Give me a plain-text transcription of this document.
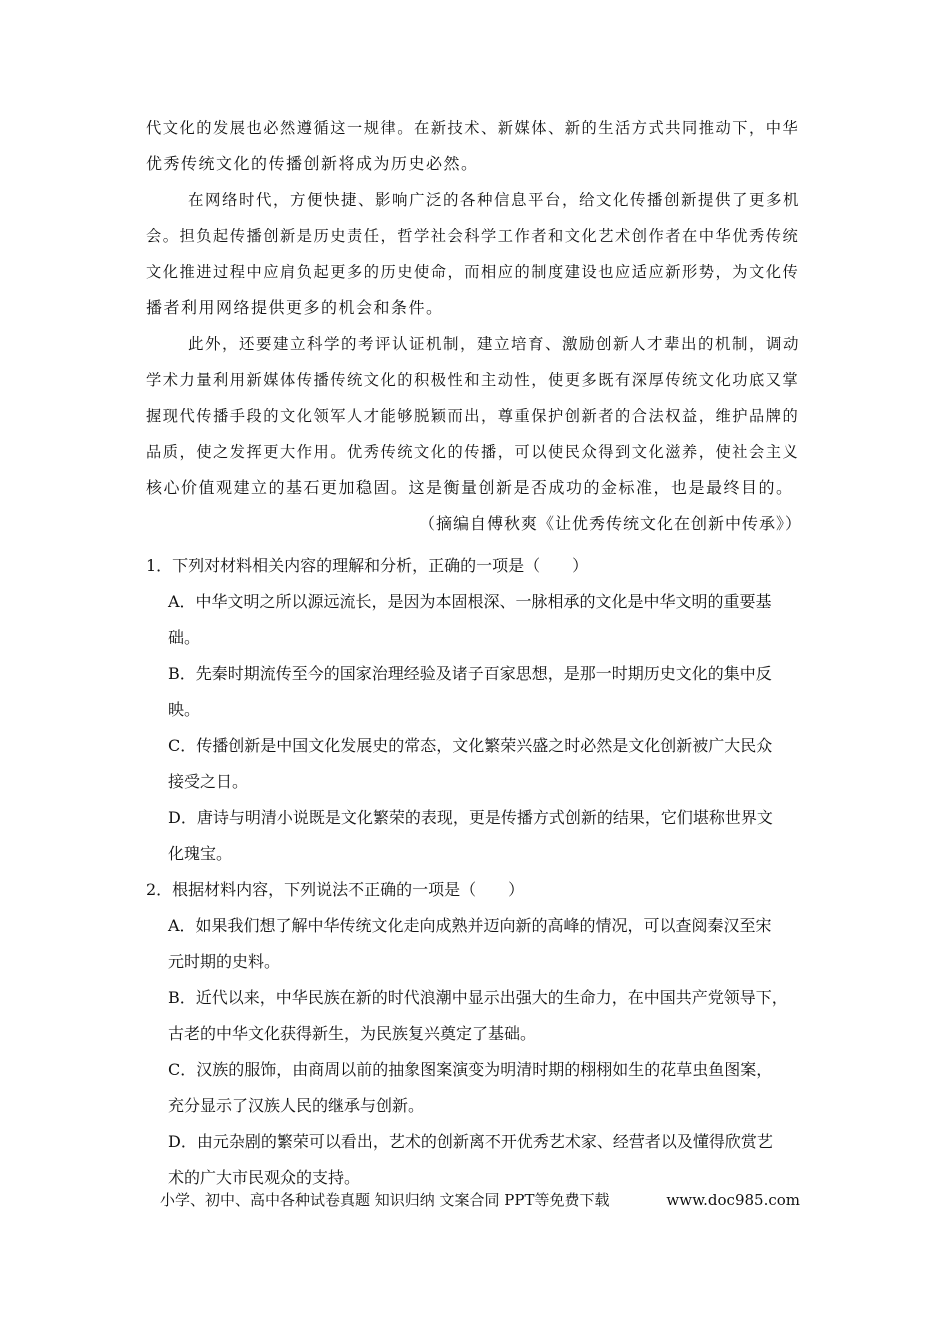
代文化的发展也必然遵循这一规律。在新技术、新媒体、新的生活方式共同推动下，中华
优秀传统文化的传播创新将成为历史必然。
在网络时代，方便快捷、影响广泛的各种信息平台，给文化传播创新提供了更多机
会。担负起传播创新是历史责任，哲学社会科学工作者和文化艺术创作者在中华优秀传统
文化推进过程中应肩负起更多的历史使命，而相应的制度建设也应适应新形势，为文化传
播者利用网络提供更多的机会和条件。
此外，还要建立科学的考评认证机制，建立培育、激励创新人才辈出的机制，调动
学术力量利用新媒体传播传统文化的积极性和主动性，使更多既有深厚传统文化功底又掌
握现代传播手段的文化领军人才能够脱颖而出，尊重保护创新者的合法权益，维护品牌的
品质，使之发挥更大作用。优秀传统文化的传播，可以使民众得到文化滋养，使社会主义
核心价值观建立的基石更加稳固。这是衡量创新是否成功的金标准，也是最终目的。
（摘编自傅秋爽《让优秀传统文化在创新中传承》）
1．下列对材料相关内容的理解和分析，正确的一项是（　　）
A．中华文明之所以源远流长，是因为本固根深、一脉相承的文化是中华文明的重要基
础。
B．先秦时期流传至今的国家治理经验及诸子百家思想，是那一时期历史文化的集中反
映。
C．传播创新是中国文化发展史的常态，文化繁荣兴盛之时必然是文化创新被广大民众
接受之日。
D．唐诗与明清小说既是文化繁荣的表现，更是传播方式创新的结果，它们堪称世界文
化瑰宝。
2．根据材料内容，下列说法不正确的一项是（　　）
A．如果我们想了解中华传统文化走向成熟并迈向新的高峰的情况，可以查阅秦汉至宋
元时期的史料。
B．近代以来，中华民族在新的时代浪潮中显示出强大的生命力，在中国共产党领导下，
古老的中华文化获得新生，为民族复兴奠定了基础。
C．汉族的服饰，由商周以前的抽象图案演变为明清时期的栩栩如生的花草虫鱼图案，
充分显示了汉族人民的继承与创新。
D．由元杂剧的繁荣可以看出，艺术的创新离不开优秀艺术家、经营者以及懂得欣赏艺
术的广大市民观众的支持。
小学、初中、高中各种试卷真题 知识归纳 文案合同 PPT等免费下载	www.doc985.com
